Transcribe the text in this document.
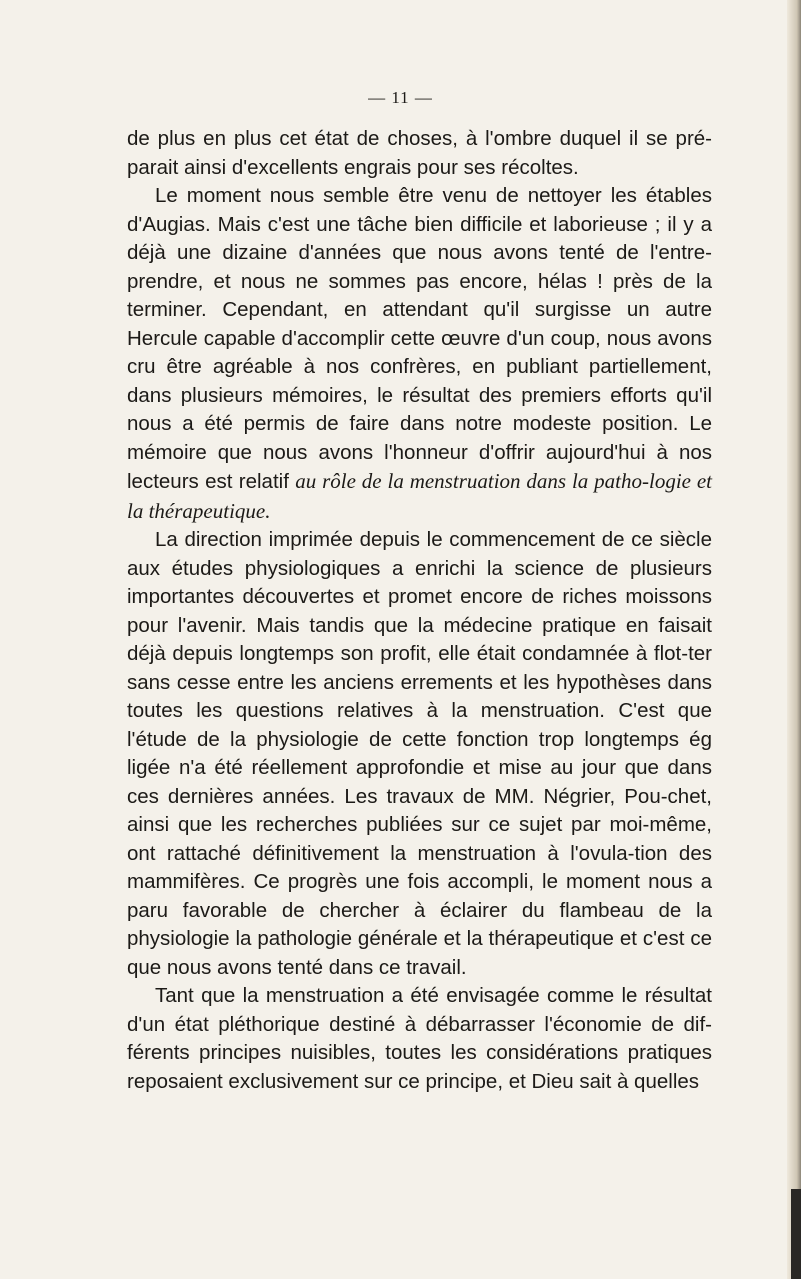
— 11 —

de plus en plus cet état de choses, à l'ombre duquel il se pré-parait ainsi d'excellents engrais pour ses récoltes.

Le moment nous semble être venu de nettoyer les étables d'Augias. Mais c'est une tâche bien difficile et laborieuse ; il y a déjà une dizaine d'années que nous avons tenté de l'entre-prendre, et nous ne sommes pas encore, hélas ! près de la terminer. Cependant, en attendant qu'il surgisse un autre Hercule capable d'accomplir cette œuvre d'un coup, nous avons cru être agréable à nos confrères, en publiant partiellement, dans plusieurs mémoires, le résultat des premiers efforts qu'il nous a été permis de faire dans notre modeste position. Le mémoire que nous avons l'honneur d'offrir aujourd'hui à nos lecteurs est relatif au rôle de la menstruation dans la patho-logie et la thérapeutique.

La direction imprimée depuis le commencement de ce siècle aux études physiologiques a enrichi la science de plusieurs importantes découvertes et promet encore de riches moissons pour l'avenir. Mais tandis que la médecine pratique en faisait déjà depuis longtemps son profit, elle était condamnée à flot-ter sans cesse entre les anciens errements et les hypothèses dans toutes les questions relatives à la menstruation. C'est que l'étude de la physiologie de cette fonction trop longtemps ég ligée n'a été réellement approfondie et mise au jour que dans ces dernières années. Les travaux de MM. Négrier, Pou-chet, ainsi que les recherches publiées sur ce sujet par moi-même, ont rattaché définitivement la menstruation à l'ovula-tion des mammifères. Ce progrès une fois accompli, le moment nous a paru favorable de chercher à éclairer du flambeau de la physiologie la pathologie générale et la thérapeutique et c'est ce que nous avons tenté dans ce travail.

Tant que la menstruation a été envisagée comme le résultat d'un état pléthorique destiné à débarrasser l'économie de dif-férents principes nuisibles, toutes les considérations pratiques reposaient exclusivement sur ce principe, et Dieu sait à quelles
